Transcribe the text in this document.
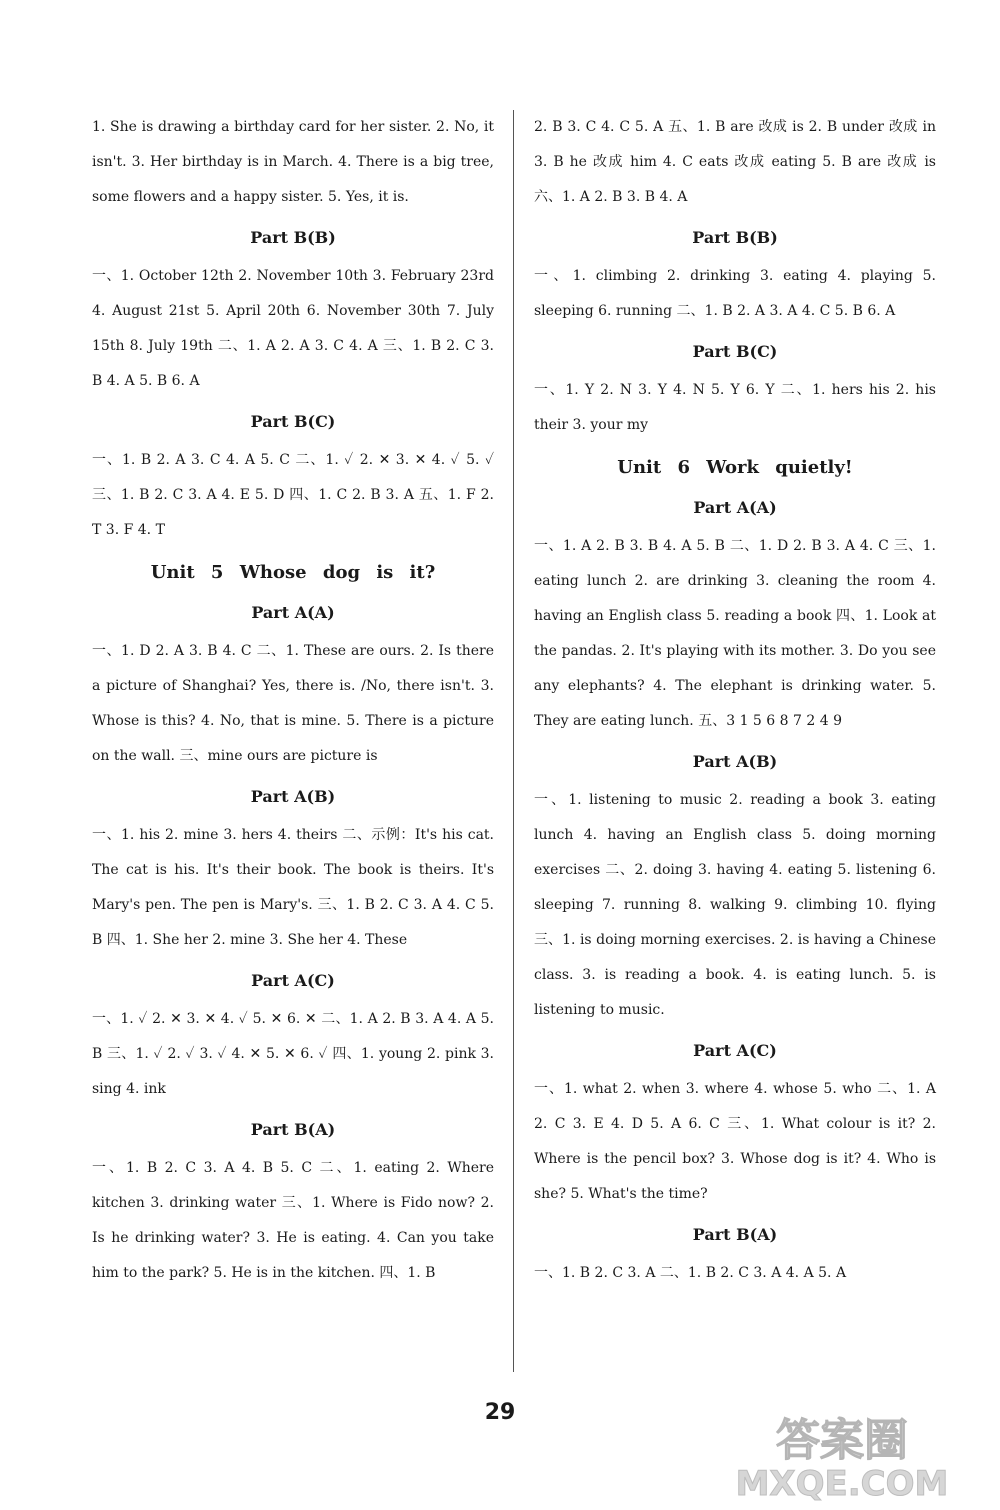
1. She is drawing a birthday card for her sister. 2. No, it isn't. 3. Her birthday is in March. 4. There is a big tree, some flowers and a happy sister. 5. Yes, it is.
Part B(B)
一、1. October 12th 2. November 10th 3. February 23rd 4. August 21st 5. April 20th 6. November 30th 7. July 15th 8. July 19th 二、1. A 2. A 3. C 4. A 三、1. B 2. C 3. B 4. A 5. B 6. A
Part B(C)
一、1. B 2. A 3. C 4. A 5. C 二、1. ✓ 2. ✕ 3. ✕ 4. ✓ 5. ✓ 三、1. B 2. C 3. A 4. E 5. D 四、1. C 2. B 3. A 五、1. F 2. T 3. F 4. T
Unit 5 Whose dog is it?
Part A(A)
一、1. D 2. A 3. B 4. C 二、1. These are ours. 2. Is there a picture of Shanghai? Yes, there is. /No, there isn't. 3. Whose is this? 4. No, that is mine. 5. There is a picture on the wall. 三、mine ours are picture is
Part A(B)
一、1. his 2. mine 3. hers 4. theirs 二、示例：It's his cat. The cat is his. It's their book. The book is theirs. It's Mary's pen. The pen is Mary's. 三、1. B 2. C 3. A 4. C 5. B 四、1. She her 2. mine 3. She her 4. These
Part A(C)
一、1. ✓ 2. ✕ 3. ✕ 4. ✓ 5. ✕ 6. ✕ 二、1. A 2. B 3. A 4. A 5. B 三、1. ✓ 2. ✓ 3. ✓ 4. ✕ 5. ✕ 6. ✓ 四、1. young 2. pink 3. sing 4. ink
Part B(A)
一、1. B 2. C 3. A 4. B 5. C 二、1. eating 2. Where kitchen 3. drinking water 三、1. Where is Fido now? 2. Is he drinking water? 3. He is eating. 4. Can you take him to the park? 5. He is in the kitchen. 四、1. B
2. B 3. C 4. C 5. A 五、1. B are 改成 is 2. B under 改成 in 3. B he 改成 him 4. C eats 改成 eating 5. B are 改成 is 六、1. A 2. B 3. B 4. A
Part B(B)
一、1. climbing 2. drinking 3. eating 4. playing 5. sleeping 6. running 二、1. B 2. A 3. A 4. C 5. B 6. A
Part B(C)
一、1. Y 2. N 3. Y 4. N 5. Y 6. Y 二、1. hers his 2. his their 3. your my
Unit 6 Work quietly!
Part A(A)
一、1. A 2. B 3. B 4. A 5. B 二、1. D 2. B 3. A 4. C 三、1. eating lunch 2. are drinking 3. cleaning the room 4. having an English class 5. reading a book 四、1. Look at the pandas. 2. It's playing with its mother. 3. Do you see any elephants? 4. The elephant is drinking water. 5. They are eating lunch. 五、3 1 5 6 8 7 2 4 9
Part A(B)
一、1. listening to music 2. reading a book 3. eating lunch 4. having an English class 5. doing morning exercises 二、2. doing 3. having 4. eating 5. listening 6. sleeping 7. running 8. walking 9. climbing 10. flying 三、1. is doing morning exercises. 2. is having a Chinese class. 3. is reading a book. 4. is eating lunch. 5. is listening to music.
Part A(C)
一、1. what 2. when 3. where 4. whose 5. who 二、1. A 2. C 3. E 4. D 5. A 6. C 三、1. What colour is it? 2. Where is the pencil box? 3. Whose dog is it? 4. Who is she? 5. What's the time?
Part B(A)
一、1. B 2. C 3. A 二、1. B 2. C 3. A 4. A 5. A
29
答案圈
MXQE.COM
